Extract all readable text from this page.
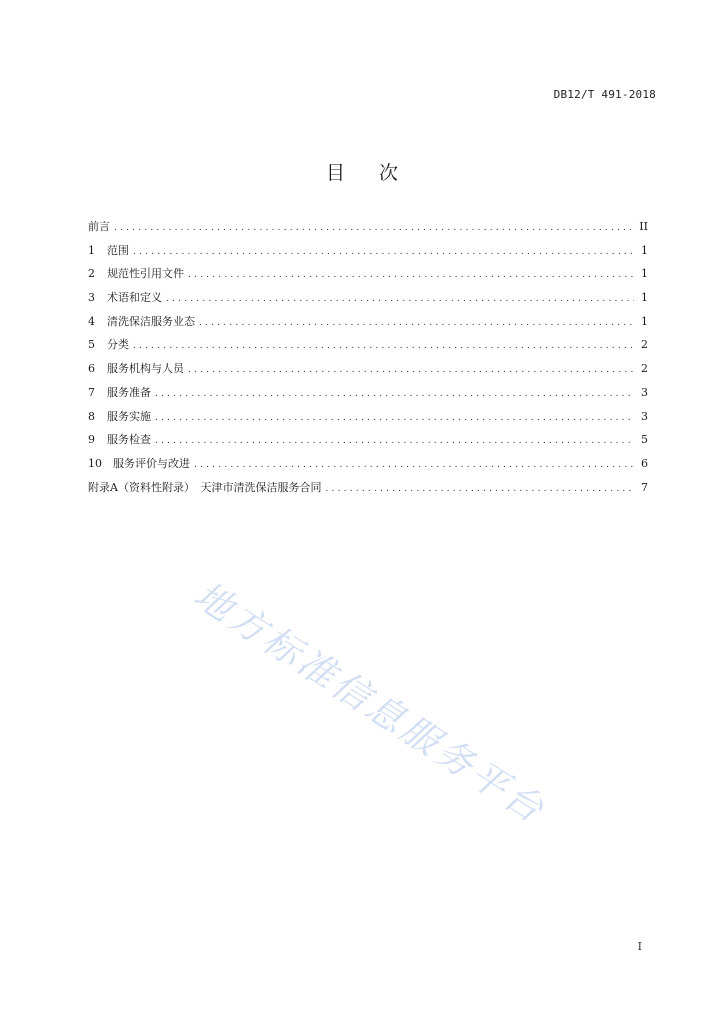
DB12/T 491-2018
目 次
前言 .....	II
1	范围 .....	1
2	规范性引用文件 .....	1
3	术语和定义 .....	1
4	清洗保洁服务业态 .....	1
5	分类 .....	2
6	服务机构与人员 .....	2
7	服务准备 .....	3
8	服务实施 .....	3
9	服务检查 .....	5
10	服务评价与改进 .....	6
附录A（资料性附录）　天津市清洗保洁服务合同 .....	7
地方标准信息服务平台
I
